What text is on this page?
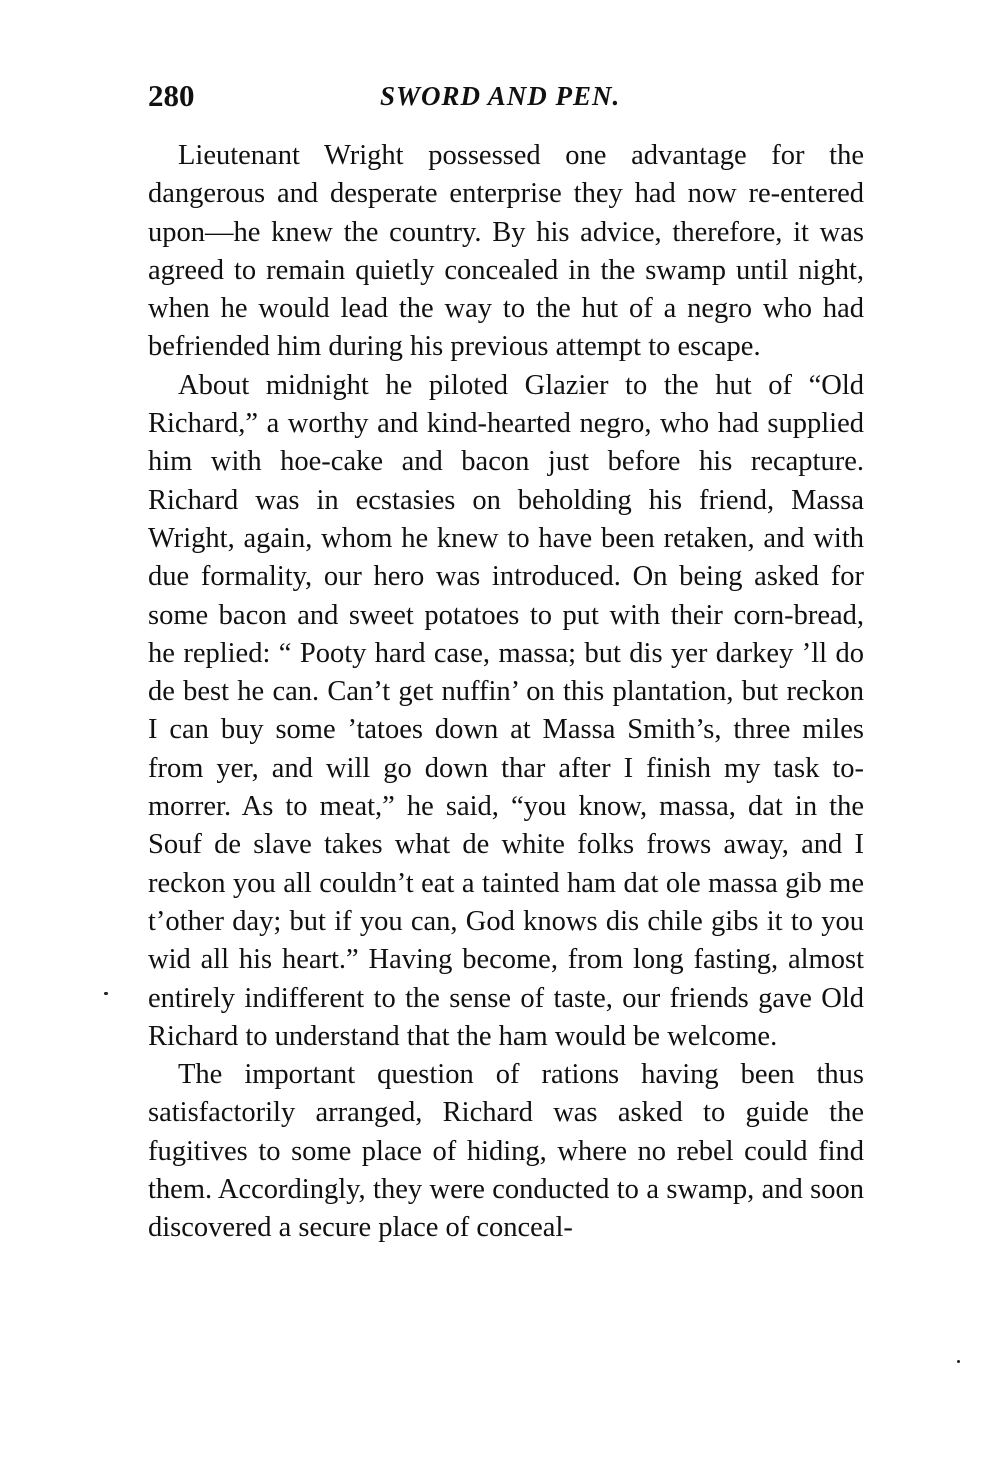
280	SWORD AND PEN.

Lieutenant Wright possessed one advantage for the dangerous and desperate enterprise they had now re-entered upon—he knew the country. By his advice, therefore, it was agreed to remain quietly concealed in the swamp until night, when he would lead the way to the hut of a negro who had befriended him during his previous attempt to escape.

About midnight he piloted Glazier to the hut of “Old Richard,” a worthy and kind-hearted negro, who had supplied him with hoe-cake and bacon just before his recapture. Richard was in ecstasies on beholding his friend, Massa Wright, again, whom he knew to have been retaken, and with due formality, our hero was introduced. On being asked for some bacon and sweet potatoes to put with their corn-bread, he replied: “ Pooty hard case, massa; but dis yer darkey ’ll do de best he can. Can’t get nuffin’ on this plantation, but reckon I can buy some ’tatoes down at Massa Smith’s, three miles from yer, and will go down thar after I finish my task to-morrer. As to meat,” he said, “you know, massa, dat in the Souf de slave takes what de white folks frows away, and I reckon you all couldn’t eat a tainted ham dat ole massa gib me t’other day; but if you can, God knows dis chile gibs it to you wid all his heart.” Having become, from long fasting, almost entirely indifferent to the sense of taste, our friends gave Old Richard to understand that the ham would be welcome.

The important question of rations having been thus satisfactorily arranged, Richard was asked to guide the fugitives to some place of hiding, where no rebel could find them. Accordingly, they were conducted to a swamp, and soon discovered a secure place of conceal-
